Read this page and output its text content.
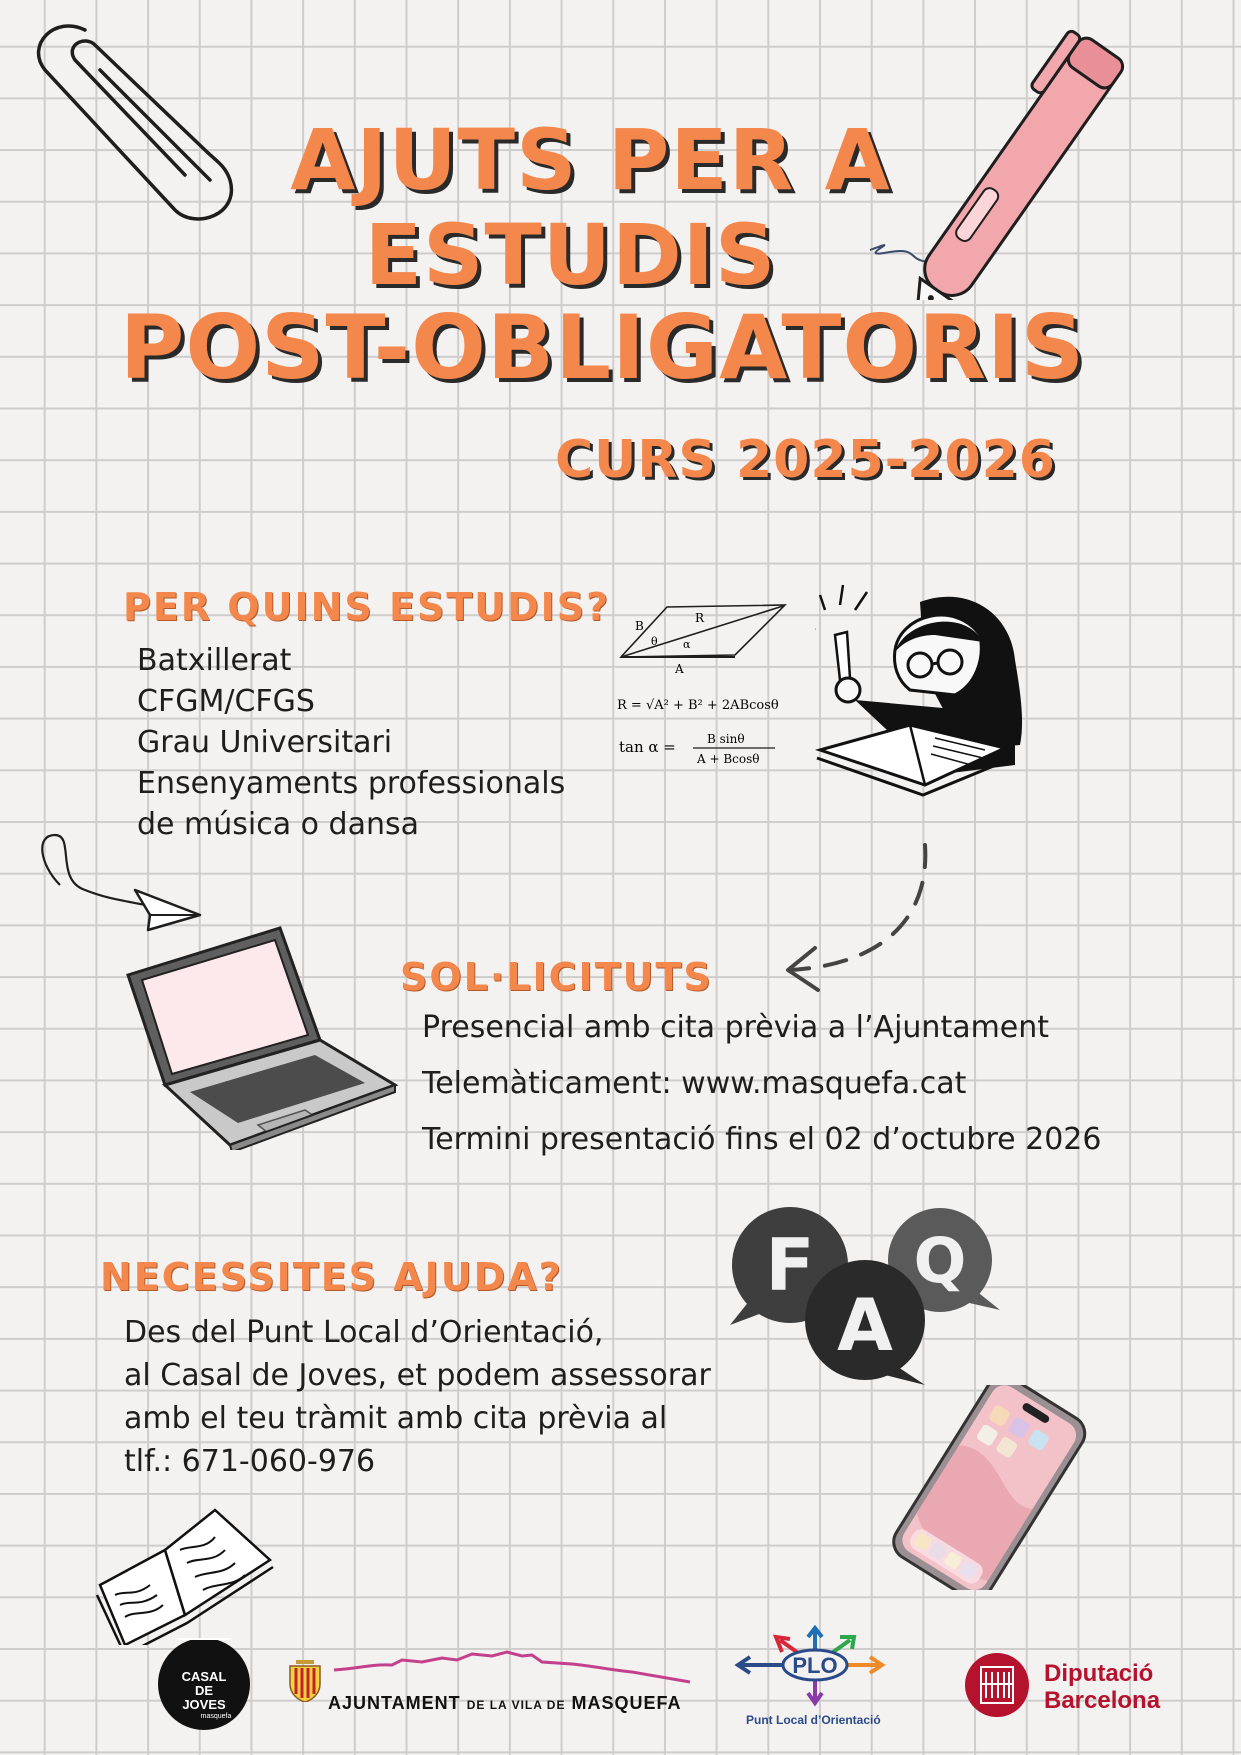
AJUTS PER A
ESTUDIS
POST-OBLIGATORIS
CURS 2025-2026
PER QUINS ESTUDIS?
Batxillerat
CFGM/CFGS
Grau Universitari
Ensenyaments professionals
de música o dansa
B
R
A
θ α
R = √A² + B² + 2ABcosθ
tan α =	B sinθ
A + Bcosθ
SOL·LICITUTS
Presencial amb cita prèvia a l’Ajuntament
Telemàticament: www.masquefa.cat
Termini presentació fins el 02 d’octubre 2026
F Q
A
NECESSITES AJUDA?
Des del Punt Local d’Orientació,
al Casal de Joves, et podem assessorar
amb el teu tràmit amb cita prèvia al
tlf.: 671-060-976
CASAL DE
JOVES
masquefa
AJUNTAMENT DE LA VILA DE MASQUEFA
PLO
Punt Local d’Orientació
Diputació
Barcelona
